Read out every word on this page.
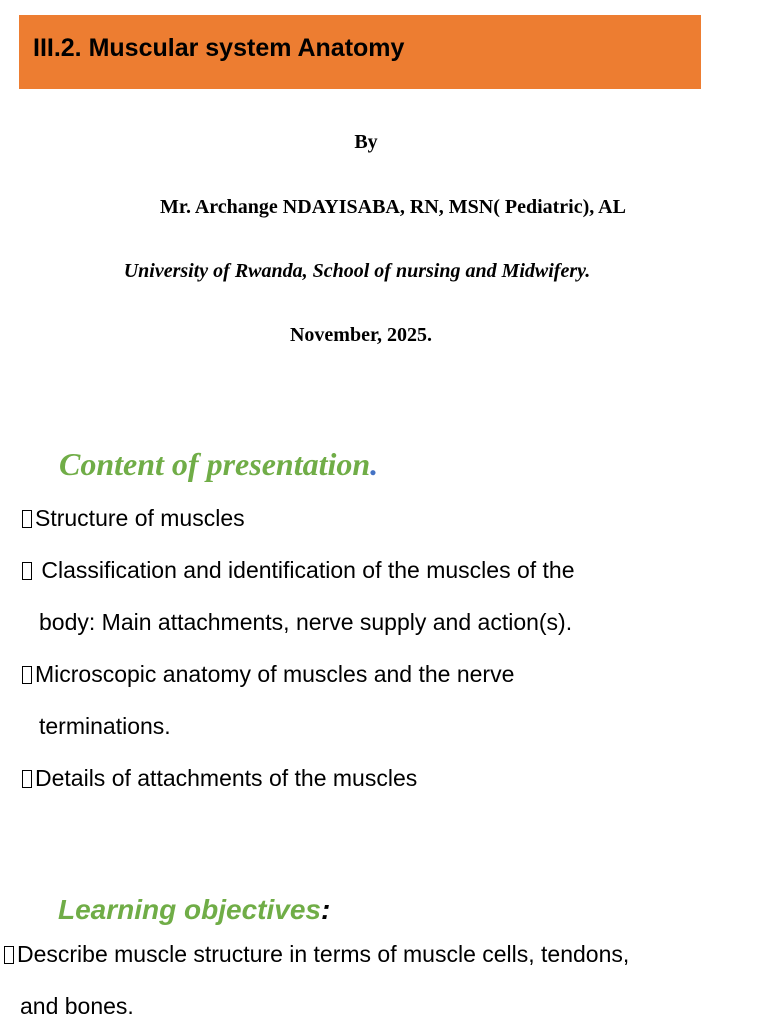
III.2. Muscular system Anatomy
By
Mr. Archange NDAYISABA, RN, MSN( Pediatric), AL
University of Rwanda, School of nursing and Midwifery.
November, 2025.
Content of presentation.
Structure of muscles
Classification and identification of the muscles of the
body: Main attachments, nerve supply and action(s).
Microscopic anatomy of muscles and the nerve
terminations.
Details of attachments of the muscles
Learning objectives:
Describe muscle structure in terms of muscle cells, tendons,
and bones.
